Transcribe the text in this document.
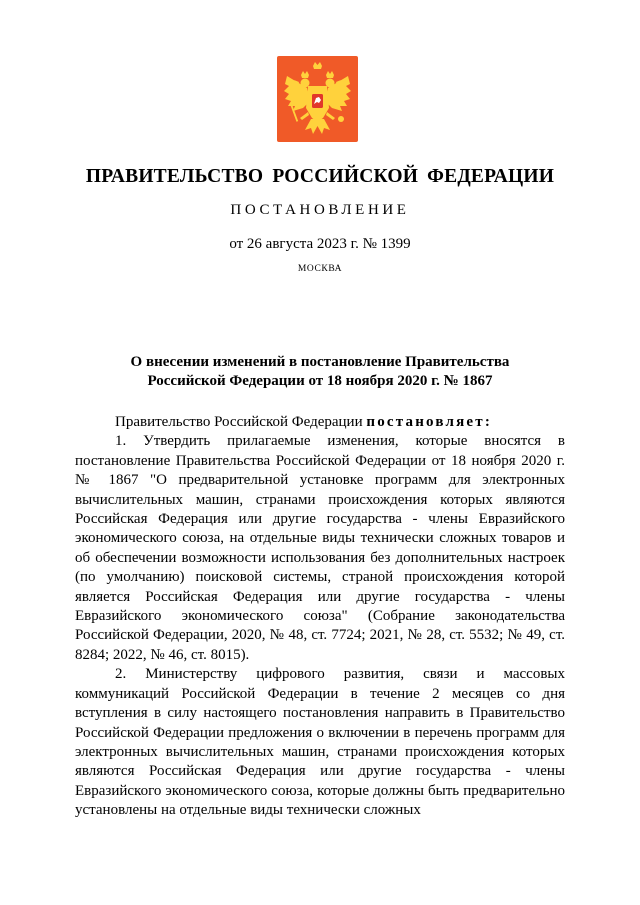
ПРАВИТЕЛЬСТВО РОССИЙСКОЙ ФЕДЕРАЦИИ
ПОСТАНОВЛЕНИЕ
от 26 августа 2023 г. № 1399
МОСКВА
О внесении изменений в постановление Правительства
Российской Федерации от 18 ноября 2020 г. № 1867

Правительство Российской Федерации постановляет:

1. Утвердить прилагаемые изменения, которые вносятся в постановление Правительства Российской Федерации от 18 ноября 2020 г. № 1867 "О предварительной установке программ для электронных вычислительных машин, странами происхождения которых являются Российская Федерация или другие государства - члены Евразийского экономического союза, на отдельные виды технически сложных товаров и об обеспечении возможности использования без дополнительных настроек (по умолчанию) поисковой системы, страной происхождения которой является Российская Федерация или другие государства - члены Евразийского экономического союза" (Собрание законодательства Российской Федерации, 2020, № 48, ст. 7724; 2021, № 28, ст. 5532; № 49, ст. 8284; 2022, № 46, ст. 8015).

2. Министерству цифрового развития, связи и массовых коммуникаций Российской Федерации в течение 2 месяцев со дня вступления в силу настоящего постановления направить в Правительство Российской Федерации предложения о включении в перечень программ для электронных вычислительных машин, странами происхождения которых являются Российская Федерация или другие государства - члены Евразийского экономического союза, которые должны быть предварительно установлены на отдельные виды технически сложных
